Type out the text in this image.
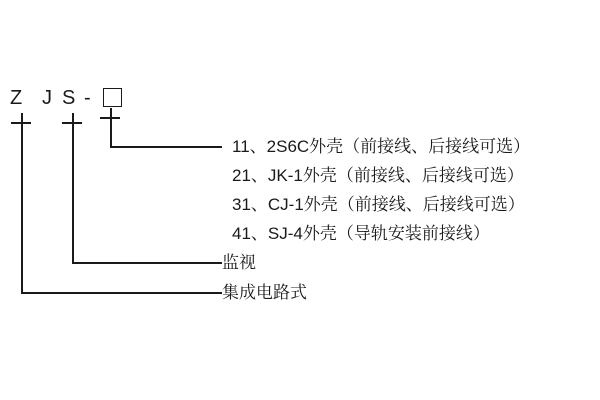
Z J S -
11、2S6C外壳（前接线、后接线可选）
21、JK-1外壳（前接线、后接线可选）
31、CJ-1外壳（前接线、后接线可选）
41、SJ-4外壳（导轨安装前接线）
监视
集成电路式
